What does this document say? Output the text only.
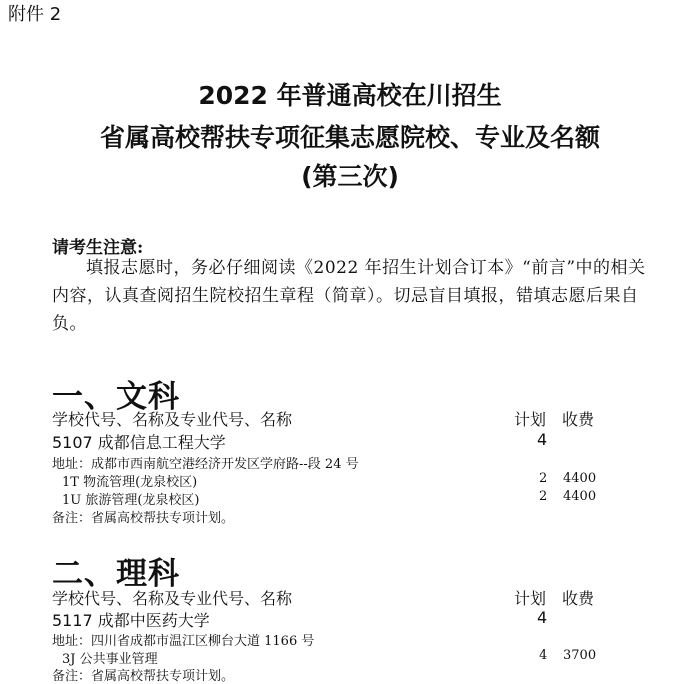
附件 2
2022 年普通高校在川招生
省属高校帮扶专项征集志愿院校、专业及名额
(第三次)
请考生注意:
填报志愿时，务必仔细阅读《2022 年招生计划合订本》“前言”中的相关内容，认真查阅招生院校招生章程（简章）。切忌盲目填报，错填志愿后果自负。
一、文科
学校代号、名称及专业代号、名称	计划 收费
5107 成都信息工程大学	4
地址：成都市西南航空港经济开发区学府路--段 24 号
1T 物流管理(龙泉校区)	2 4400
1U 旅游管理(龙泉校区)	2 4400
备注：省属高校帮扶专项计划。
二、理科
学校代号、名称及专业代号、名称	计划 收费
5117 成都中医药大学	4
地址：四川省成都市温江区柳台大道 1166 号
3J 公共事业管理	4 3700
备注：省属高校帮扶专项计划。
